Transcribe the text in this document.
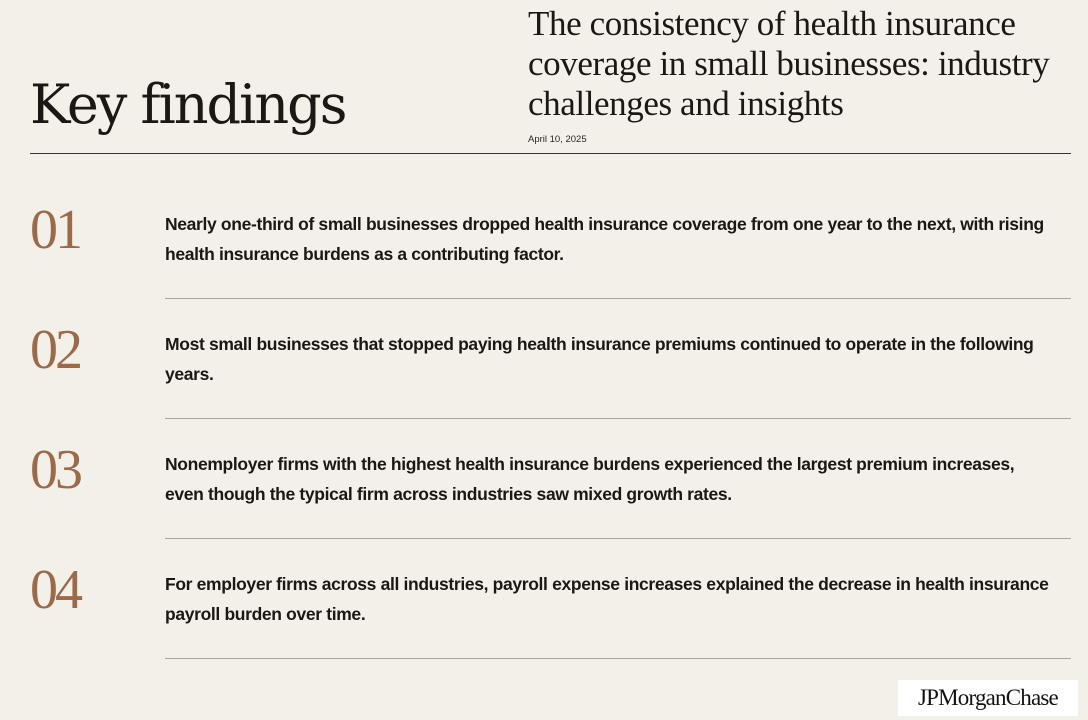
Key findings
The consistency of health insurance coverage in small businesses: industry challenges and insights
April 10, 2025
01	Nearly one-third of small businesses dropped health insurance coverage from one year to the next, with rising health insurance burdens as a contributing factor.

02	Most small businesses that stopped paying health insurance premiums continued to operate in the following years.

03	Nonemployer firms with the highest health insurance burdens experienced the largest premium increases, even though the typical firm across industries saw mixed growth rates.

04	For employer firms across all industries, payroll expense increases explained the decrease in health insurance payroll burden over time.

JPMorganChase
